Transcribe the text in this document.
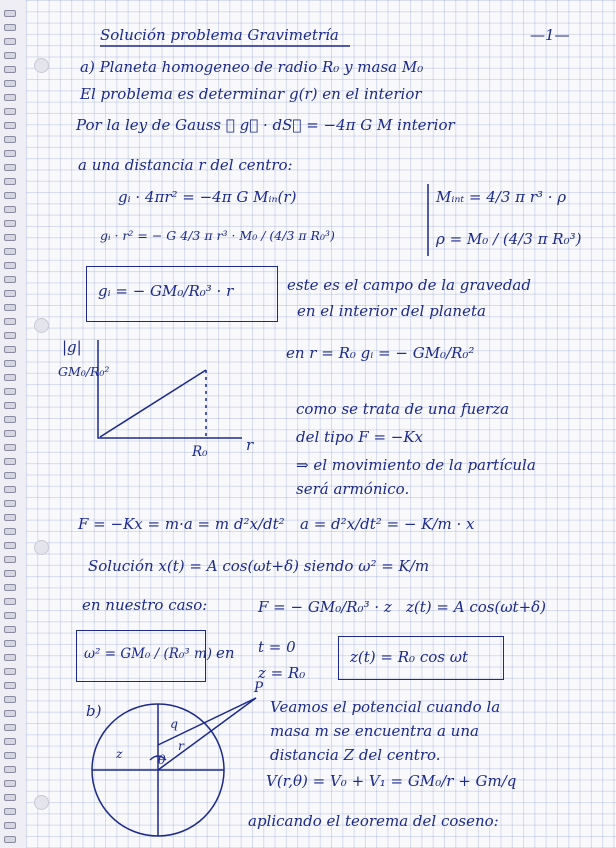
Solución problema Gravimetría	—1—
a) Planeta homogeneo de radio R₀ y masa M₀
El problema es determinar g(r) en el interior
Por la ley de Gauss ∯ g⃗ · dS⃗ = −4π G M interior
a una distancia r del centro:
gᵢ · 4πr² = −4π G Mᵢₙ(r)
gᵢ · r² = − G 4/3 π r³ · M₀ / (4/3 π R₀³)
Mᵢₙₜ = 4/3 π r³ · ρ
ρ = M₀ / (4/3 π R₀³)
gᵢ = − GM₀/R₀³ · r	este es el campo de la gravedad
en el interior del planeta
en r = R₀ gᵢ = − GM₀/R₀²
|g|
GM₀/R₀²
R₀	r
como se trata de una fuerza
del tipo F = −Kx
⇒ el movimiento de la partícula
será armónico.
F = −Kx = m·a = m d²x/dt² a = d²x/dt² = − K/m · x
Solución x(t) = A cos(ωt+δ) siendo ω² = K/m
en nuestro caso:	F = − GM₀/R₀³ · z z(t) = A cos(ωt+δ)
ω² = GM₀ / (R₀³ m) en t = 0
z = R₀
z(t) = R₀ cos ωt
b)
P
q
r
z	θ
Veamos el potencial cuando la
masa m se encuentra a una
distancia Z del centro.
V(r,θ) = V₀ + V₁ = GM₀/r + Gm/q
aplicando el teorema del coseno:
